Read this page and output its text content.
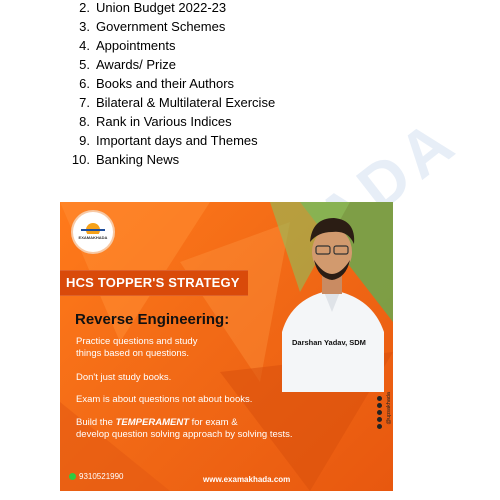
2. Union Budget 2022-23
3. Government Schemes
4. Appointments
5. Awards/ Prize
6. Books and their Authors
7. Bilateral & Multilateral Exercise
8. Rank in Various Indices
9. Important days and Themes
10. Banking News
EXAMAKHADA
HCS TOPPER'S STRATEGY
Reverse Engineering:
Practice questions and study
things based on questions.
Don't just study books.
Exam is about questions not about books.
Build the TEMPERAMENT for exam &
develop question solving approach by solving tests.
Darshan Yadav, SDM
@upsakhada
9310521990	www.examakhada.com
